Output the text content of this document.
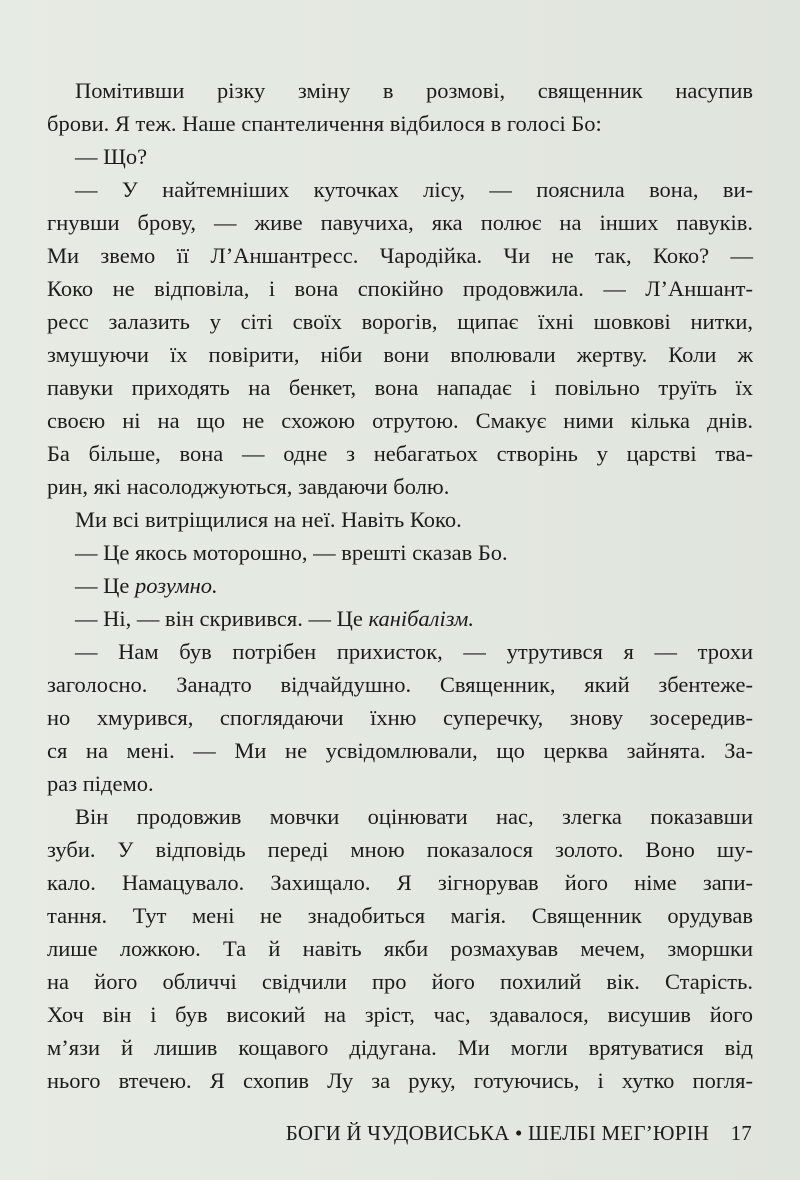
Помітивши різку зміну в розмові, священник насупив
брови. Я теж. Наше спантеличення відбилося в голосі Бо:
— Що?
— У найтемніших куточках лісу, — пояснила вона, ви-
гнувши брову, — живе павучиха, яка полює на інших павуків.
Ми звемо її Л’Аншантресс. Чародійка. Чи не так, Коко? —
Коко не відповіла, і вона спокійно продовжила. — Л’Аншант-
ресс залазить у сіті своїх ворогів, щипає їхні шовкові нитки,
змушуючи їх повірити, ніби вони вполювали жертву. Коли ж
павуки приходять на бенкет, вона нападає і повільно труїть їх
своєю ні на що не схожою отрутою. Смакує ними кілька днів.
Ба більше, вона — одне з небагатьох створінь у царстві тва-
рин, які насолоджуються, завдаючи болю.
Ми всі витріщилися на неї. Навіть Коко.
— Це якось моторошно, — врешті сказав Бо.
— Це розумно.
— Ні, — він скривився. — Це канібалізм.
— Нам був потрібен прихисток, — утрутився я — трохи
заголосно. Занадто відчайдушно. Священник, який збентеже-
но хмурився, споглядаючи їхню суперечку, знову зосередив-
ся на мені. — Ми не усвідомлювали, що церква зайнята. За-
раз підемо.
Він продовжив мовчки оцінювати нас, злегка показавши
зуби. У відповідь переді мною показалося золото. Воно шу-
кало. Намацувало. Захищало. Я зігнорував його німе запи-
тання. Тут мені не знадобиться магія. Священник орудував
лише ложкою. Та й навіть якби розмахував мечем, зморшки
на його обличчі свідчили про його похилий вік. Старість.
Хоч він і був високий на зріст, час, здавалося, висушив його
м’язи й лишив кощавого дідугана. Ми могли врятуватися від
нього втечею. Я схопив Лу за руку, готуючись, і хутко погля-
БОГИ Й ЧУДОВИСЬКА • ШЕЛБІ МЕГ’ЮРІН 17
